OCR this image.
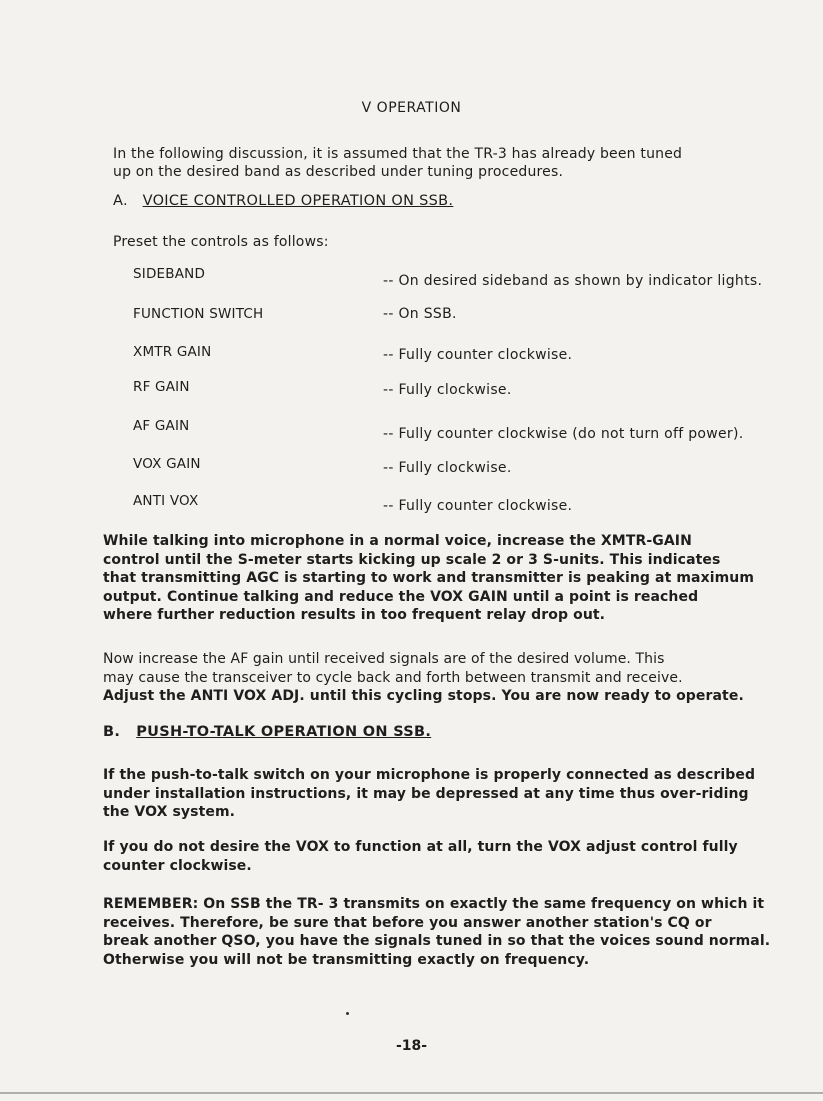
V OPERATION

In the following discussion, it is assumed that the TR-3 has already been tuned
up on the desired band as described under tuning procedures.

A. VOICE CONTROLLED OPERATION ON SSB.
Preset the controls as follows:
SIDEBAND	-- On desired sideband as shown by indicator lights.
FUNCTION SWITCH	-- On SSB.
XMTR GAIN	-- Fully counter clockwise.
RF GAIN	-- Fully clockwise.
AF GAIN	-- Fully counter clockwise (do not turn off power).
VOX GAIN	-- Fully clockwise.
ANTI VOX	-- Fully counter clockwise.

While talking into microphone in a normal voice, increase the XMTR-GAIN
control until the S-meter starts kicking up scale 2 or 3 S-units. This indicates
that transmitting AGC is starting to work and transmitter is peaking at maximum
output. Continue talking and reduce the VOX GAIN until a point is reached
where further reduction results in too frequent relay drop out.

Now increase the AF gain until received signals are of the desired volume. This
may cause the transceiver to cycle back and forth between transmit and receive.
Adjust the ANTI VOX ADJ. until this cycling stops. You are now ready to operate.

B. PUSH-TO-TALK OPERATION ON SSB.

If the push-to-talk switch on your microphone is properly connected as described
under installation instructions, it may be depressed at any time thus over-riding
the VOX system.

If you do not desire the VOX to function at all, turn the VOX adjust control fully
counter clockwise.

REMEMBER: On SSB the TR- 3 transmits on exactly the same frequency on which it
receives. Therefore, be sure that before you answer another station's CQ or
break another QSO, you have the signals tuned in so that the voices sound normal.
Otherwise you will not be transmitting exactly on frequency.

-18-
